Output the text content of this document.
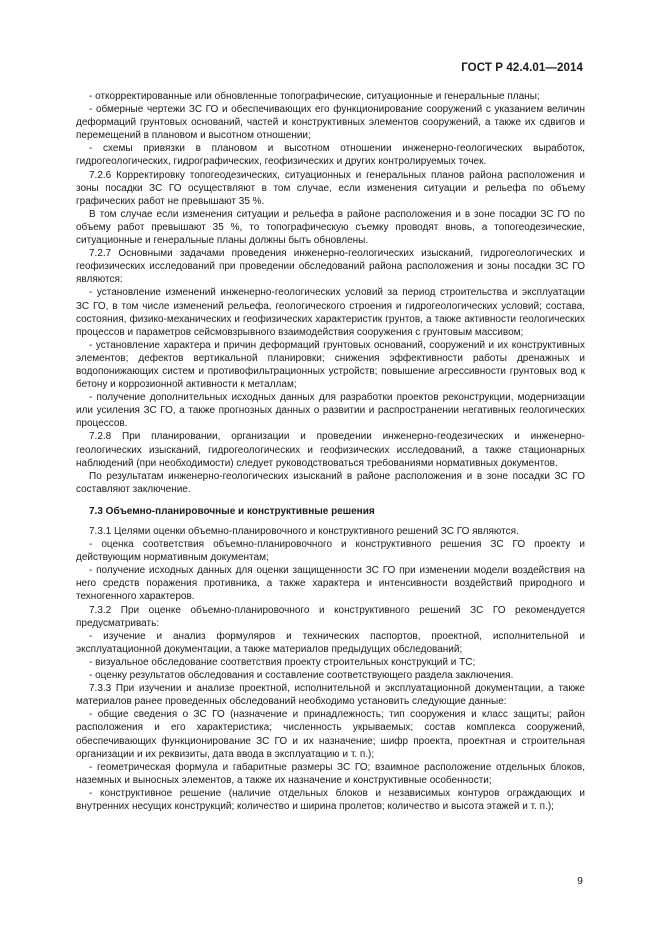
ГОСТ Р 42.4.01—2014

- откорректированные или обновленные топографические, ситуационные и генеральные планы;

- обмерные чертежи ЗС ГО и обеспечивающих его функционирование сооружений с указанием величин деформаций грунтовых оснований, частей и конструктивных элементов сооружений, а также их сдвигов и перемещений в плановом и высотном отношении;

- схемы привязки в плановом и высотном отношении инженерно-геологических выработок, гидрогеологических, гидрографических, геофизических и других контролируемых точек.

7.2.6 Корректировку топогеодезических, ситуационных и генеральных планов района расположения и зоны посадки ЗС ГО осуществляют в том случае, если изменения ситуации и рельефа по объему графических работ не превышают 35 %.

В том случае если изменения ситуации и рельефа в районе расположения и в зоне посадки ЗС ГО по объему работ превышают 35 %, то топографическую съемку проводят вновь, а топогеодезические, ситуационные и генеральные планы должны быть обновлены.

7.2.7 Основными задачами проведения инженерно-геологических изысканий, гидрогеологических и геофизических исследований при проведении обследований района расположения и зоны посадки ЗС ГО являются:

- установление изменений инженерно-геологических условий за период строительства и эксплуатации ЗС ГО, в том числе изменений рельефа, геологического строения и гидрогеологических условий; состава, состояния, физико-механических и геофизических характеристик грунтов, а также активности геологических процессов и параметров сейсмовзрывного взаимодействия сооружения с грунтовым массивом;

- установление характера и причин деформаций грунтовых оснований, сооружений и их конструктивных элементов; дефектов вертикальной планировки; снижения эффективности работы дренажных и водопонижающих систем и противофильтрационных устройств; повышение агрессивности грунтовых вод к бетону и коррозионной активности к металлам;

- получение дополнительных исходных данных для разработки проектов реконструкции, модернизации или усиления ЗС ГО, а также прогнозных данных о развитии и распространении негативных геологических процессов.

7.2.8 При планировании, организации и проведении инженерно-геодезических и инженерно-геологических изысканий, гидрогеологических и геофизических исследований, а также стационарных наблюдений (при необходимости) следует руководствоваться требованиями нормативных документов.

По результатам инженерно-геологических изысканий в районе расположения и в зоне посадки ЗС ГО составляют заключение.

7.3 Объемно-планировочные и конструктивные решения

7.3.1 Целями оценки объемно-планировочного и конструктивного решений ЗС ГО являются.

- оценка соответствия объемно-планировочного и конструктивного решения ЗС ГО проекту и действующим нормативным документам;

- получение исходных данных для оценки защищенности ЗС ГО при изменении модели воздействия на него средств поражения противника, а также характера и интенсивности воздействий природного и техногенного характеров.

7.3.2 При оценке объемно-планировочного и конструктивного решений ЗС ГО рекомендуется предусматривать:

- изучение и анализ формуляров и технических паспортов, проектной, исполнительной и эксплуатационной документации, а также материалов предыдущих обследований;

- визуальное обследование соответствия проекту строительных конструкций и ТС;

- оценку результатов обследования и составление соответствующего раздела заключения.

7.3.3 При изучении и анализе проектной, исполнительной и эксплуатационной документации, а также материалов ранее проведенных обследований необходимо установить следующие данные:

- общие сведения о ЗС ГО (назначение и принадлежность; тип сооружения и класс защиты; район расположения и его характеристика; численность укрываемых; состав комплекса сооружений, обеспечивающих функционирование ЗС ГО и их назначение; шифр проекта, проектная и строительная организации и их реквизиты, дата ввода в эксплуатацию и т. п.);

- геометрическая формула и габаритные размеры ЗС ГО; взаимное расположение отдельных блоков, наземных и выносных элементов, а также их назначение и конструктивные особенности;

- конструктивное решение (наличие отдельных блоков и независимых контуров ограждающих и внутренних несущих конструкций; количество и ширина пролетов; количество и высота этажей и т. п.);

9
